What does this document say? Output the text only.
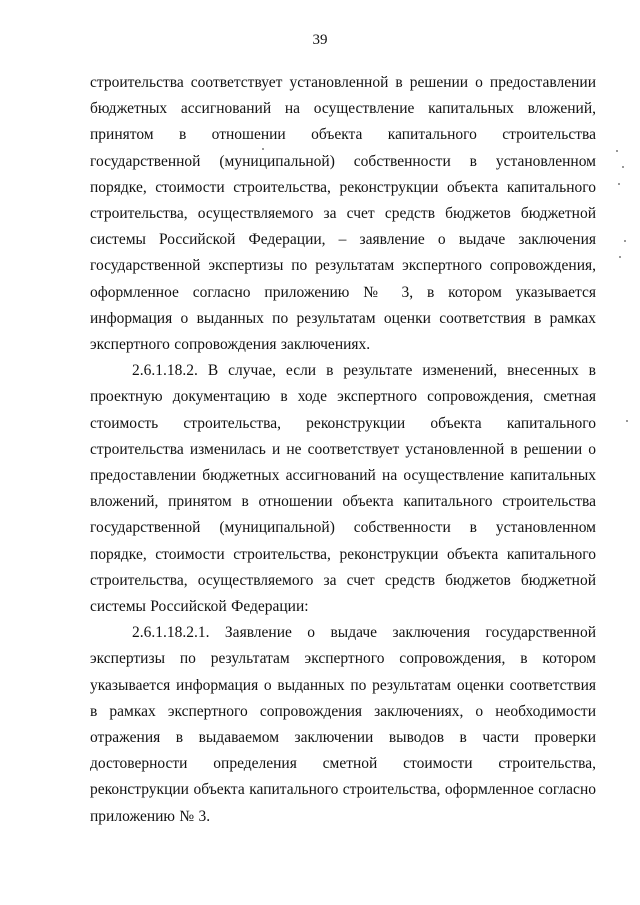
39

строительства соответствует установленной в решении о предоставлении бюджетных ассигнований на осуществление капитальных вложений, принятом в отношении объекта капитального строительства государственной (муниципальной) собственности в установленном порядке, стоимости строительства, реконструкции объекта капитального строительства, осуществляемого за счет средств бюджетов бюджетной системы Российской Федерации, – заявление о выдаче заключения государственной экспертизы по результатам экспертного сопровождения, оформленное согласно приложению № 3, в котором указывается информация о выданных по результатам оценки соответствия в рамках экспертного сопровождения заключениях.

2.6.1.18.2. В случае, если в результате изменений, внесенных в проектную документацию в ходе экспертного сопровождения, сметная стоимость строительства, реконструкции объекта капитального строительства изменилась и не соответствует установленной в решении о предоставлении бюджетных ассигнований на осуществление капитальных вложений, принятом в отношении объекта капитального строительства государственной (муниципальной) собственности в установленном порядке, стоимости строительства, реконструкции объекта капитального строительства, осуществляемого за счет средств бюджетов бюджетной системы Российской Федерации:

2.6.1.18.2.1. Заявление о выдаче заключения государственной экспертизы по результатам экспертного сопровождения, в котором указывается информация о выданных по результатам оценки соответствия в рамках экспертного сопровождения заключениях, о необходимости отражения в выдаваемом заключении выводов в части проверки достоверности определения сметной стоимости строительства, реконструкции объекта капитального строительства, оформленное согласно приложению № 3.
